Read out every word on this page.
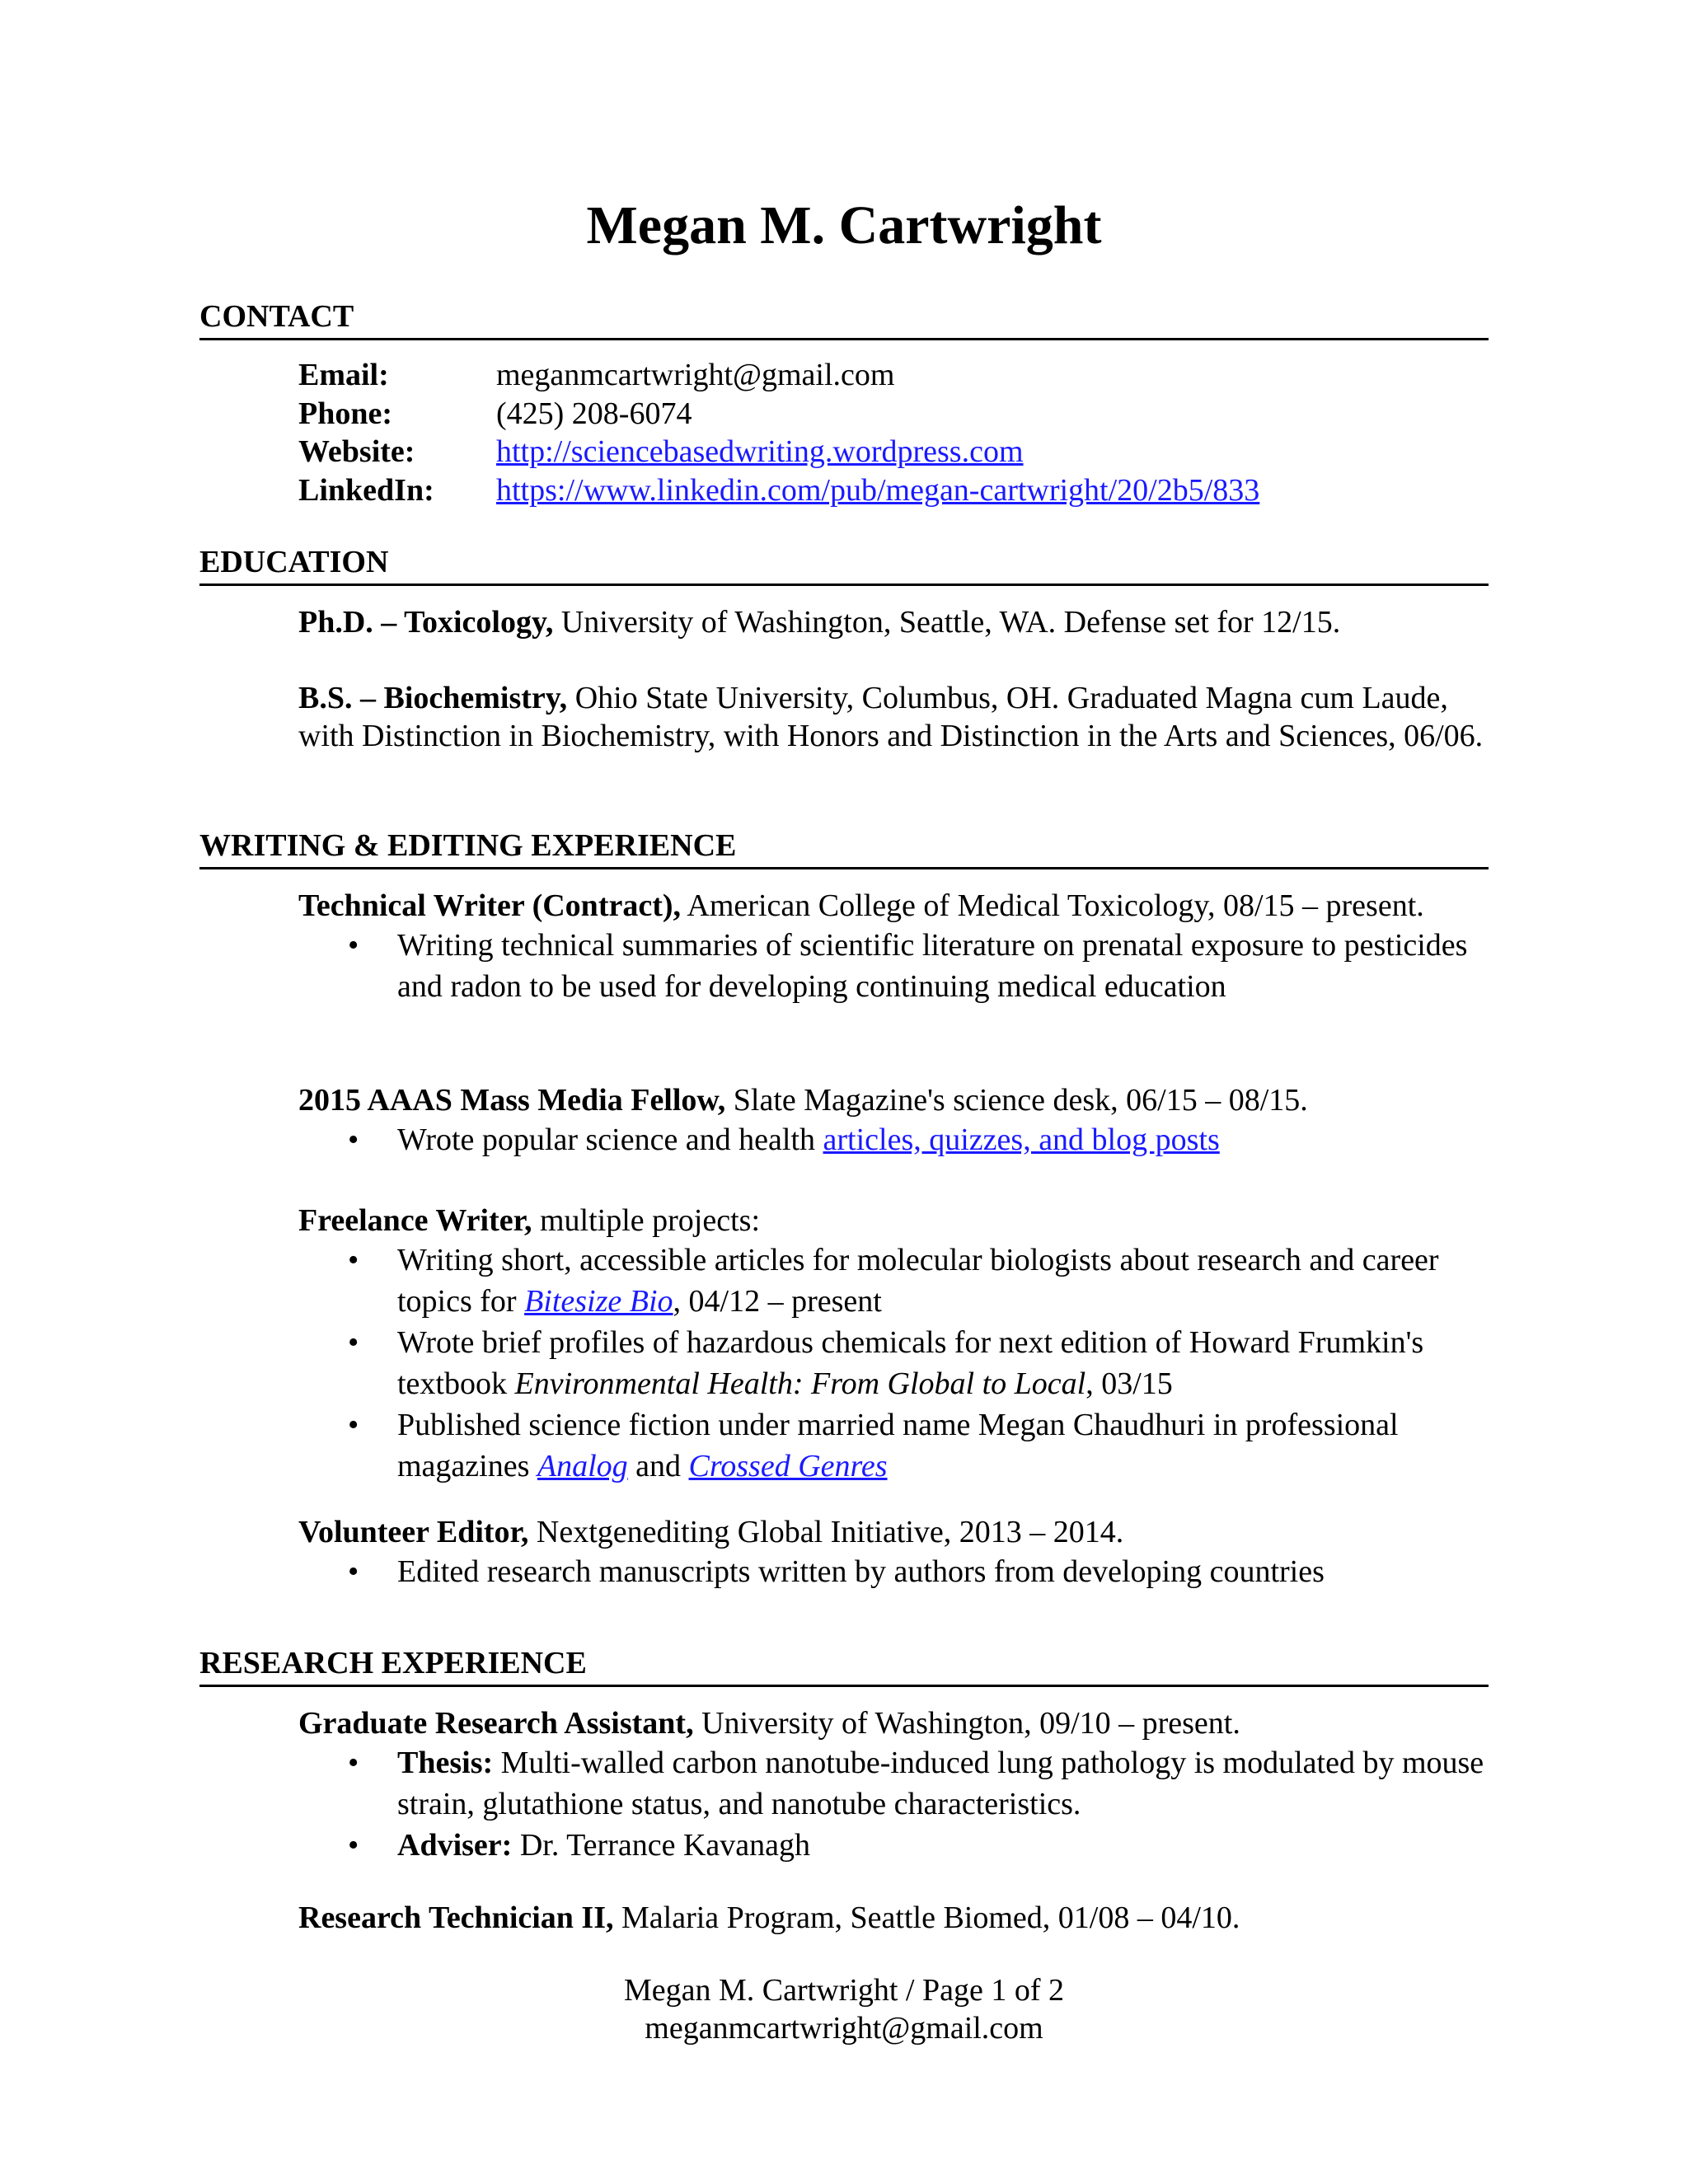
Megan M. Cartwright
CONTACT
Email:	meganmcartwright@gmail.com
Phone:	(425) 208-6074
Website:	http://sciencebasedwriting.wordpress.com
LinkedIn:	https://www.linkedin.com/pub/megan-cartwright/20/2b5/833
EDUCATION
Ph.D. – Toxicology, University of Washington, Seattle, WA. Defense set for 12/15.
B.S. – Biochemistry, Ohio State University, Columbus, OH. Graduated Magna cum Laude, with Distinction in Biochemistry, with Honors and Distinction in the Arts and Sciences, 06/06.
WRITING & EDITING EXPERIENCE
Technical Writer (Contract), American College of Medical Toxicology, 08/15 – present.
• Writing technical summaries of scientific literature on prenatal exposure to pesticides and radon to be used for developing continuing medical education
2015 AAAS Mass Media Fellow, Slate Magazine's science desk, 06/15 – 08/15.
• Wrote popular science and health articles, quizzes, and blog posts
Freelance Writer, multiple projects:
• Writing short, accessible articles for molecular biologists about research and career topics for Bitesize Bio, 04/12 – present
• Wrote brief profiles of hazardous chemicals for next edition of Howard Frumkin's textbook Environmental Health: From Global to Local, 03/15
• Published science fiction under married name Megan Chaudhuri in professional magazines Analog and Crossed Genres
Volunteer Editor, Nextgenediting Global Initiative, 2013 – 2014.
• Edited research manuscripts written by authors from developing countries
RESEARCH EXPERIENCE
Graduate Research Assistant, University of Washington, 09/10 – present.
• Thesis: Multi-walled carbon nanotube-induced lung pathology is modulated by mouse strain, glutathione status, and nanotube characteristics.
• Adviser: Dr. Terrance Kavanagh
Research Technician II, Malaria Program, Seattle Biomed, 01/08 – 04/10.
Megan M. Cartwright / Page 1 of 2
meganmcartwright@gmail.com
